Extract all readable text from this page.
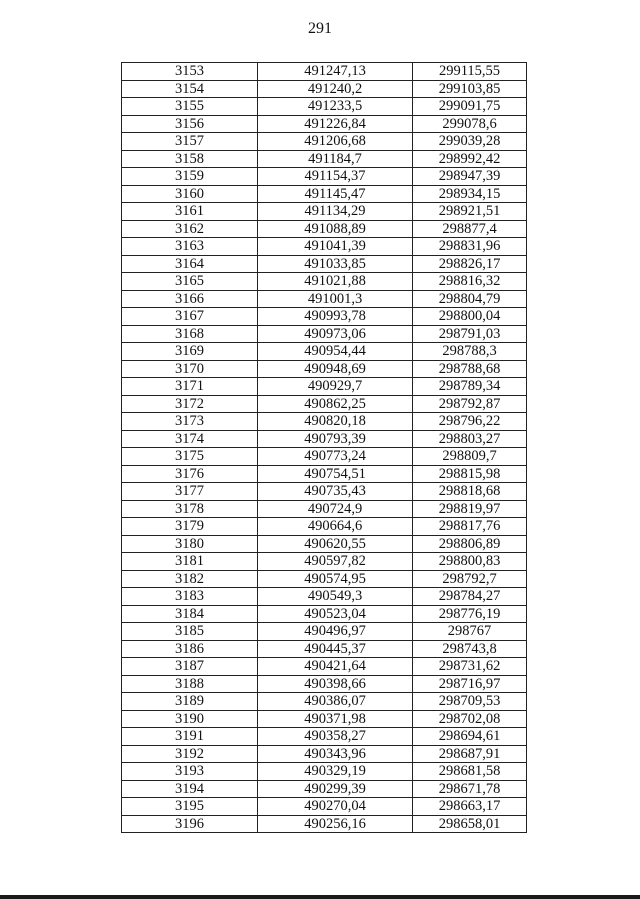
291
3153	491247,13	299115,55
3154	491240,2	299103,85
3155	491233,5	299091,75
3156	491226,84	299078,6
3157	491206,68	299039,28
3158	491184,7	298992,42
3159	491154,37	298947,39
3160	491145,47	298934,15
3161	491134,29	298921,51
3162	491088,89	298877,4
3163	491041,39	298831,96
3164	491033,85	298826,17
3165	491021,88	298816,32
3166	491001,3	298804,79
3167	490993,78	298800,04
3168	490973,06	298791,03
3169	490954,44	298788,3
3170	490948,69	298788,68
3171	490929,7	298789,34
3172	490862,25	298792,87
3173	490820,18	298796,22
3174	490793,39	298803,27
3175	490773,24	298809,7
3176	490754,51	298815,98
3177	490735,43	298818,68
3178	490724,9	298819,97
3179	490664,6	298817,76
3180	490620,55	298806,89
3181	490597,82	298800,83
3182	490574,95	298792,7
3183	490549,3	298784,27
3184	490523,04	298776,19
3185	490496,97	298767
3186	490445,37	298743,8
3187	490421,64	298731,62
3188	490398,66	298716,97
3189	490386,07	298709,53
3190	490371,98	298702,08
3191	490358,27	298694,61
3192	490343,96	298687,91
3193	490329,19	298681,58
3194	490299,39	298671,78
3195	490270,04	298663,17
3196	490256,16	298658,01
